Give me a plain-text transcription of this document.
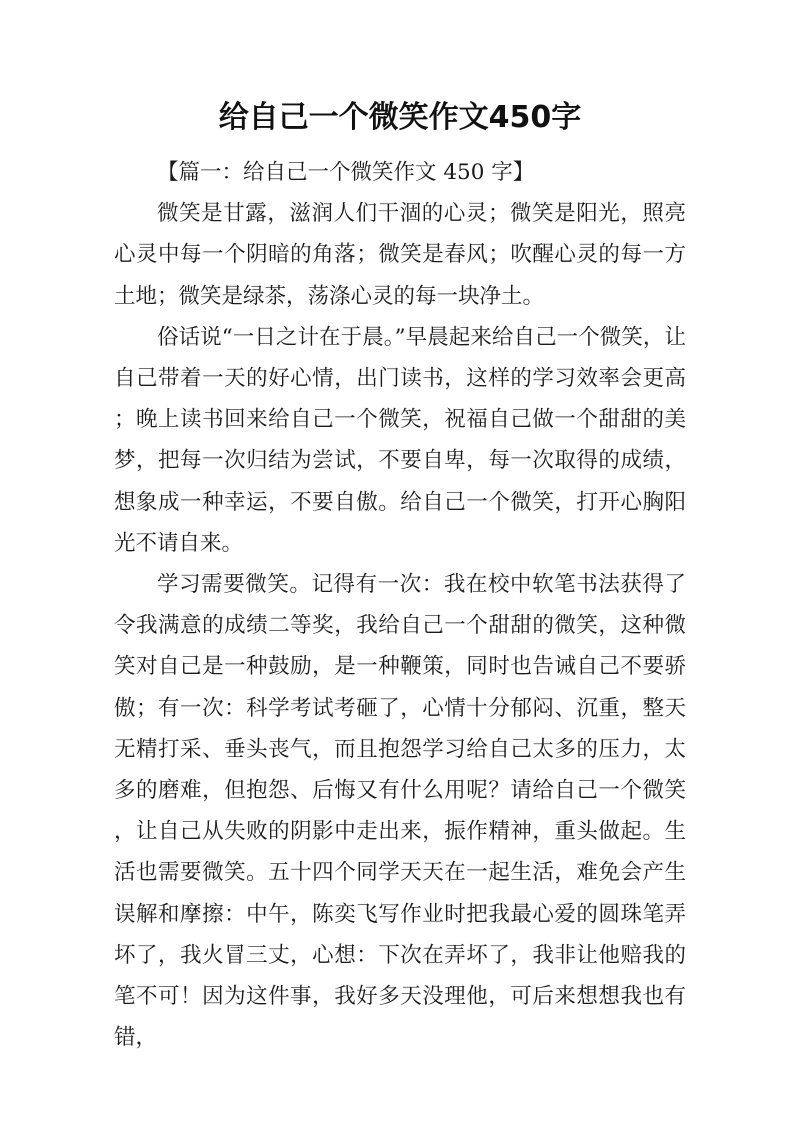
给自己一个微笑作文450字

【篇一：给自己一个微笑作文 450 字】

微笑是甘露，滋润人们干涸的心灵；微笑是阳光，照亮心灵中每一个阴暗的角落；微笑是春风；吹醒心灵的每一方土地；微笑是绿茶，荡涤心灵的每一块净土。

俗话说“一日之计在于晨。”早晨起来给自己一个微笑，让自己带着一天的好心情，出门读书，这样的学习效率会更高；晚上读书回来给自己一个微笑，祝福自己做一个甜甜的美梦，把每一次归结为尝试，不要自卑，每一次取得的成绩，想象成一种幸运，不要自傲。给自己一个微笑，打开心胸阳光不请自来。

学习需要微笑。记得有一次：我在校中软笔书法获得了令我满意的成绩二等奖，我给自己一个甜甜的微笑，这种微笑对自己是一种鼓励，是一种鞭策，同时也告诫自己不要骄傲；有一次：科学考试考砸了，心情十分郁闷、沉重，整天无精打采、垂头丧气，而且抱怨学习给自己太多的压力，太多的磨难，但抱怨、后悔又有什么用呢？请给自己一个微笑，让自己从失败的阴影中走出来，振作精神，重头做起。生活也需要微笑。五十四个同学天天在一起生活，难免会产生误解和摩擦：中午，陈奕飞写作业时把我最心爱的圆珠笔弄坏了，我火冒三丈，心想：下次在弄坏了，我非让他赔我的笔不可！因为这件事，我好多天没理他，可后来想想我也有错，
